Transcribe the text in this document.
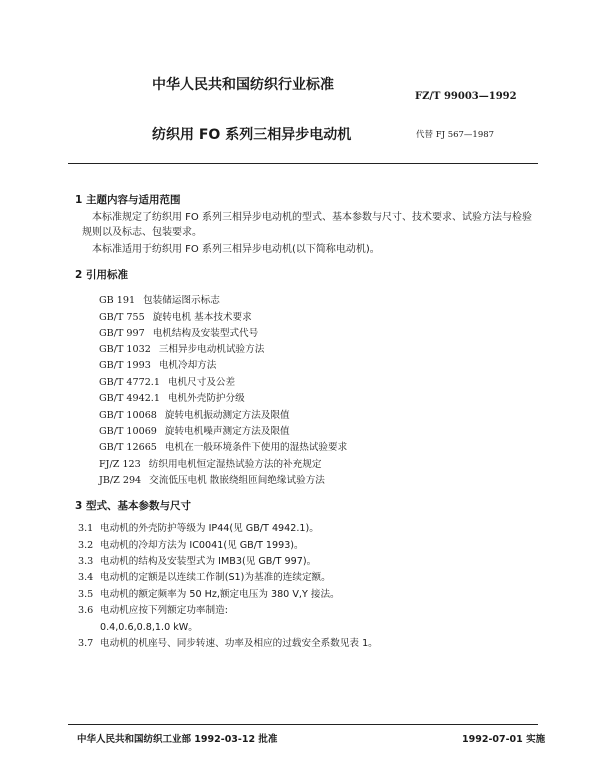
中华人民共和国纺织行业标准
FZ/T 99003—1992
纺织用 FO 系列三相异步电动机	代替 FJ 567—1987
1 主题内容与适用范围
本标准规定了纺织用 FO 系列三相异步电动机的型式、基本参数与尺寸、技术要求、试验方法与检验规则以及标志、包装要求。
本标准适用于纺织用 FO 系列三相异步电动机(以下简称电动机)。
2 引用标准
GB 191 包装储运图示标志
GB/T 755 旋转电机 基本技术要求
GB/T 997 电机结构及安装型式代号
GB/T 1032 三相异步电动机试验方法
GB/T 1993 电机冷却方法
GB/T 4772.1 电机尺寸及公差
GB/T 4942.1 电机外壳防护分级
GB/T 10068 旋转电机振动测定方法及限值
GB/T 10069 旋转电机噪声测定方法及限值
GB/T 12665 电机在一般环境条件下使用的湿热试验要求
FJ/Z 123 纺织用电机恒定湿热试验方法的补充规定
JB/Z 294 交流低压电机 散嵌绕组匝间绝缘试验方法
3 型式、基本参数与尺寸
3.1 电动机的外壳防护等级为 IP44(见 GB/T 4942.1)。
3.2 电动机的冷却方法为 IC0041(见 GB/T 1993)。
3.3 电动机的结构及安装型式为 IMB3(见 GB/T 997)。
3.4 电动机的定额是以连续工作制(S1)为基准的连续定额。
3.5 电动机的额定频率为 50 Hz,额定电压为 380 V,Y 接法。
3.6 电动机应按下列额定功率制造:
0.4,0.6,0.8,1.0 kW。
3.7 电动机的机座号、同步转速、功率及相应的过载安全系数见表 1。
中华人民共和国纺织工业部 1992-03-12 批准	1992-07-01 实施
